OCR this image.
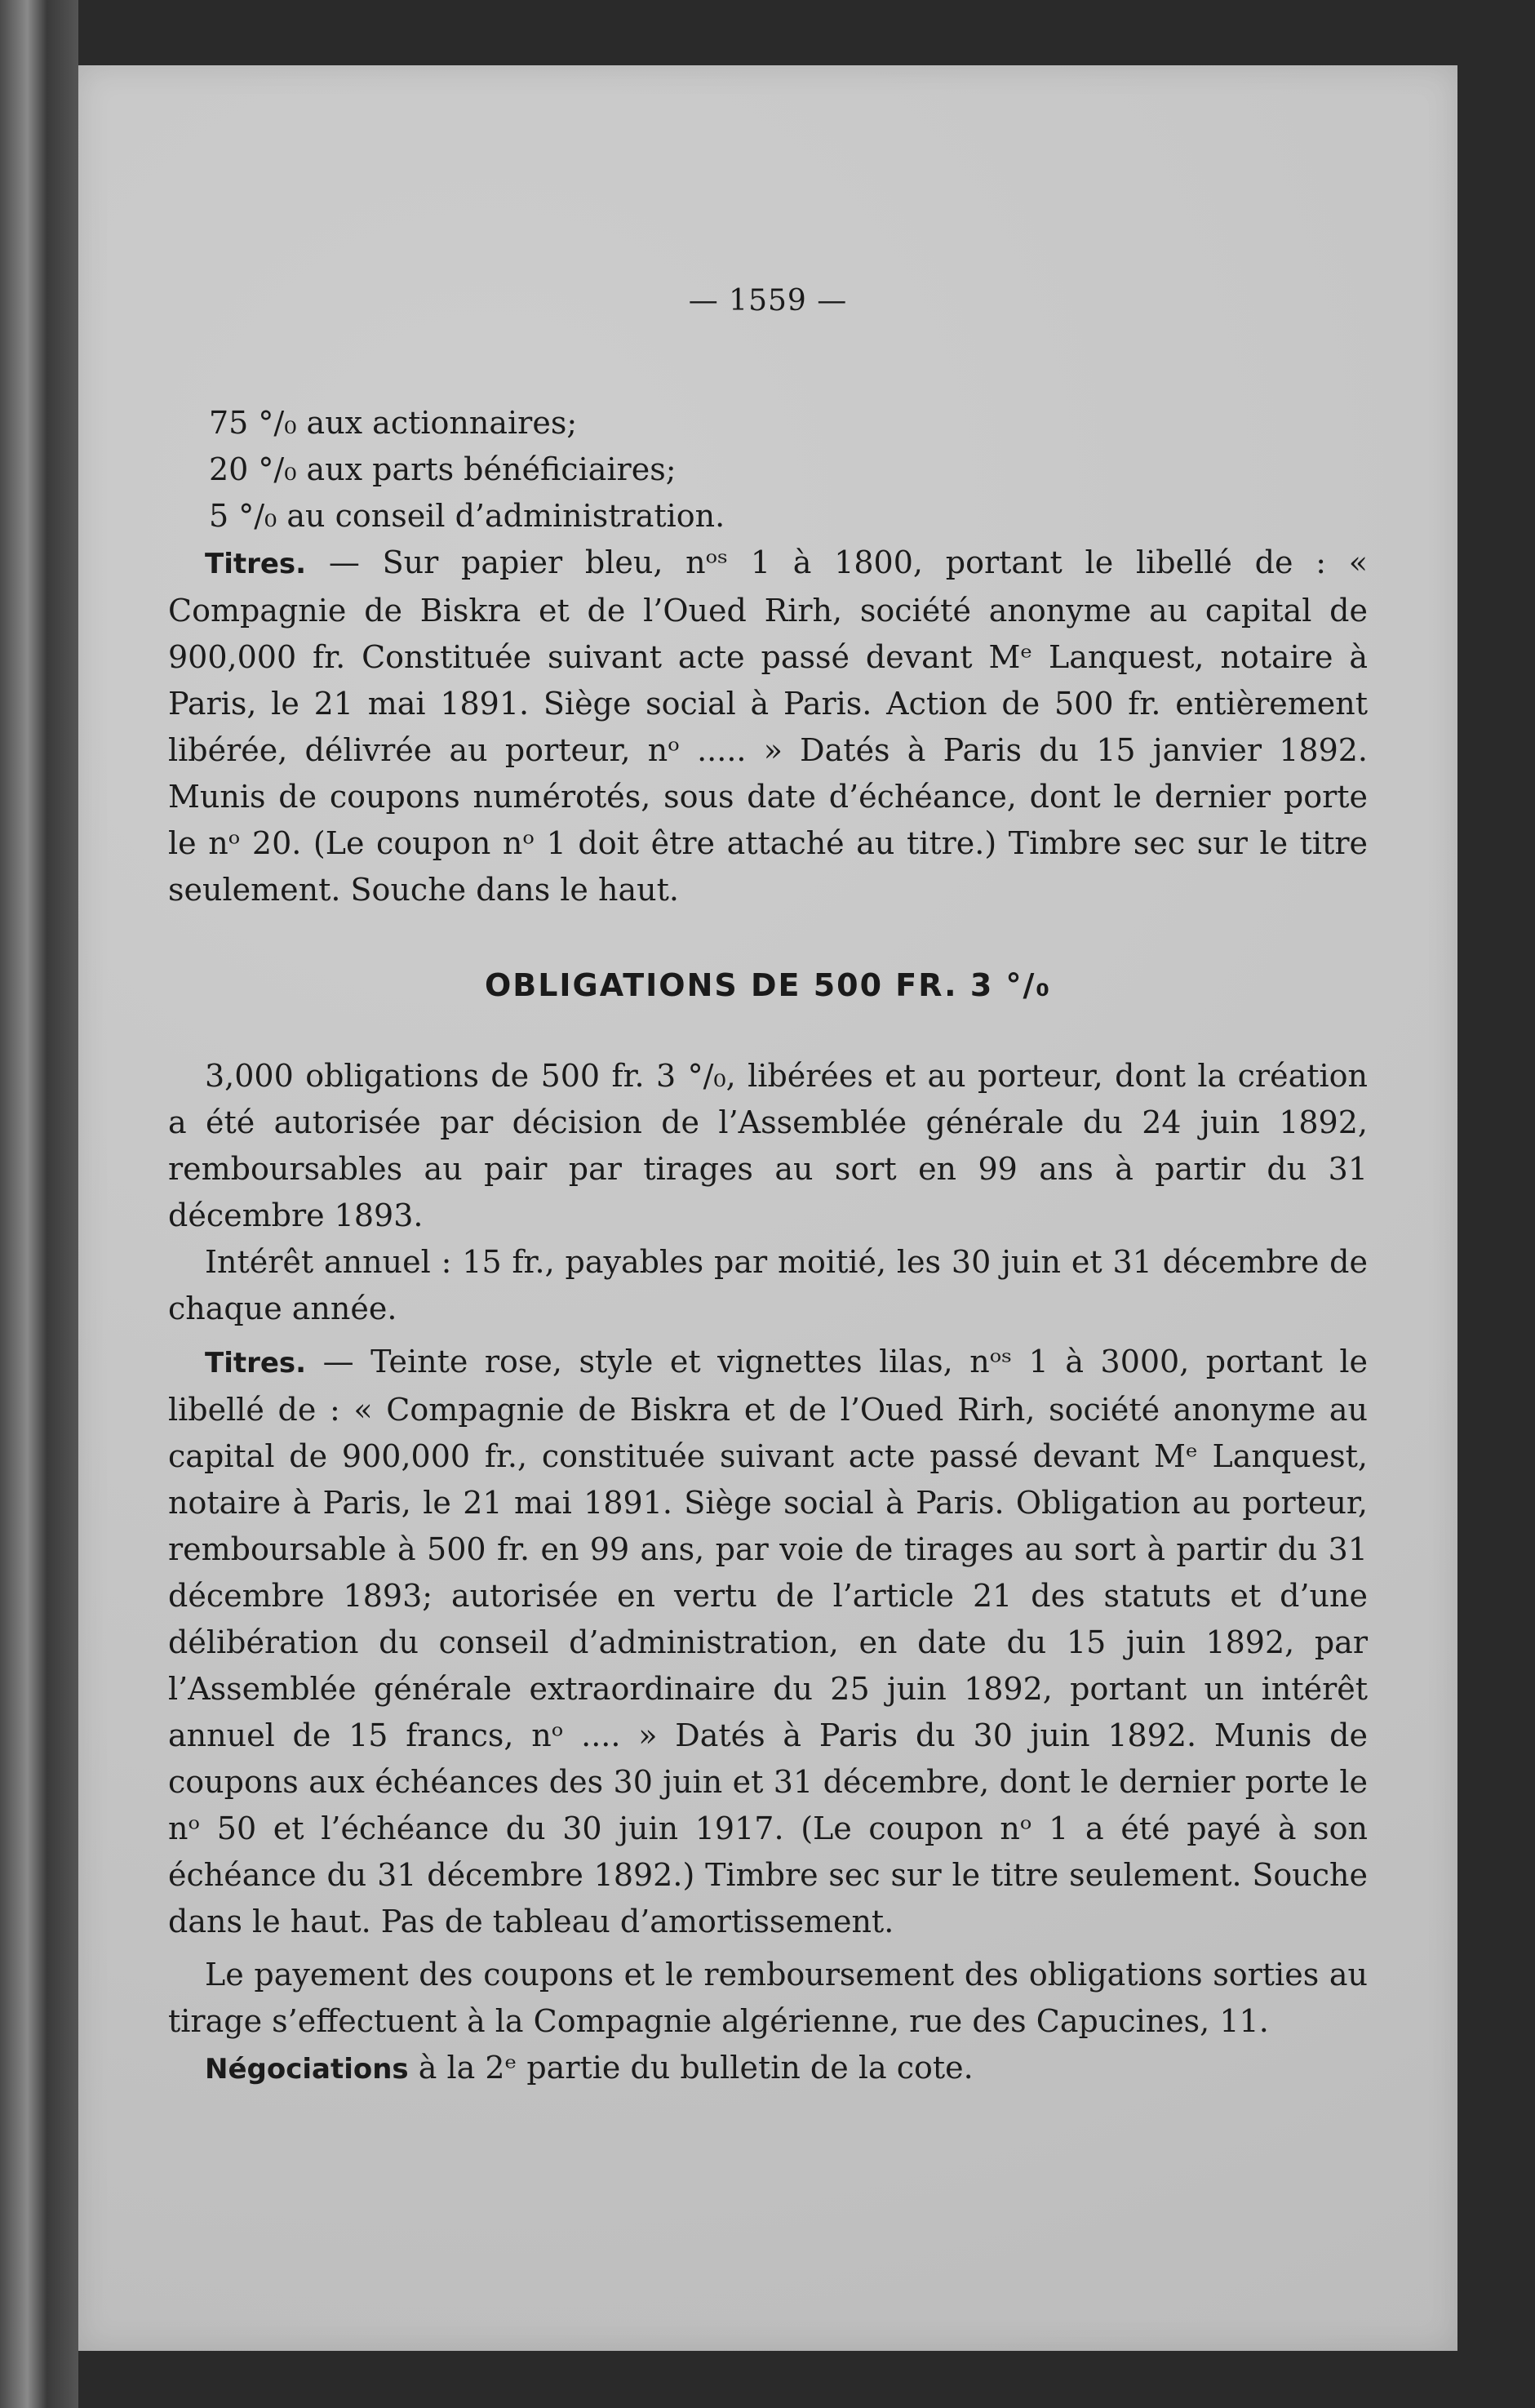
— 1559 —
75 °/₀ aux actionnaires;
20 °/₀ aux parts bénéficiaires;
5 °/₀ au conseil d’administration.

Titres. — Sur papier bleu, nᵒˢ 1 à 1800, portant le libellé de : « Compagnie de Biskra et de l’Oued Rirh, société anonyme au capital de 900,000 fr. Constituée suivant acte passé devant Mᵉ Lanquest, notaire à Paris, le 21 mai 1891. Siège social à Paris. Action de 500 fr. entièrement libérée, délivrée au porteur, nᵒ ..... » Datés à Paris du 15 janvier 1892. Munis de coupons numérotés, sous date d’échéance, dont le dernier porte le nᵒ 20. (Le coupon nᵒ 1 doit être attaché au titre.) Timbre sec sur le titre seulement. Souche dans le haut.

OBLIGATIONS DE 500 FR. 3 °/₀

3,000 obligations de 500 fr. 3 °/₀, libérées et au porteur, dont la création a été autorisée par décision de l’Assemblée générale du 24 juin 1892, remboursables au pair par tirages au sort en 99 ans à partir du 31 décembre 1893.

Intérêt annuel : 15 fr., payables par moitié, les 30 juin et 31 décembre de chaque année.

Titres. — Teinte rose, style et vignettes lilas, nᵒˢ 1 à 3000, portant le libellé de : « Compagnie de Biskra et de l’Oued Rirh, société anonyme au capital de 900,000 fr., constituée suivant acte passé devant Mᵉ Lanquest, notaire à Paris, le 21 mai 1891. Siège social à Paris. Obligation au porteur, remboursable à 500 fr. en 99 ans, par voie de tirages au sort à partir du 31 décembre 1893; autorisée en vertu de l’article 21 des statuts et d’une délibération du conseil d’administration, en date du 15 juin 1892, par l’Assemblée générale extraordinaire du 25 juin 1892, portant un intérêt annuel de 15 francs, nᵒ .... » Datés à Paris du 30 juin 1892. Munis de coupons aux échéances des 30 juin et 31 décembre, dont le dernier porte le nᵒ 50 et l’échéance du 30 juin 1917. (Le coupon nᵒ 1 a été payé à son échéance du 31 décembre 1892.) Timbre sec sur le titre seulement. Souche dans le haut. Pas de tableau d’amortissement.

Le payement des coupons et le remboursement des obligations sorties au tirage s’effectuent à la Compagnie algérienne, rue des Capucines, 11.

Négociations à la 2ᵉ partie du bulletin de la cote.
